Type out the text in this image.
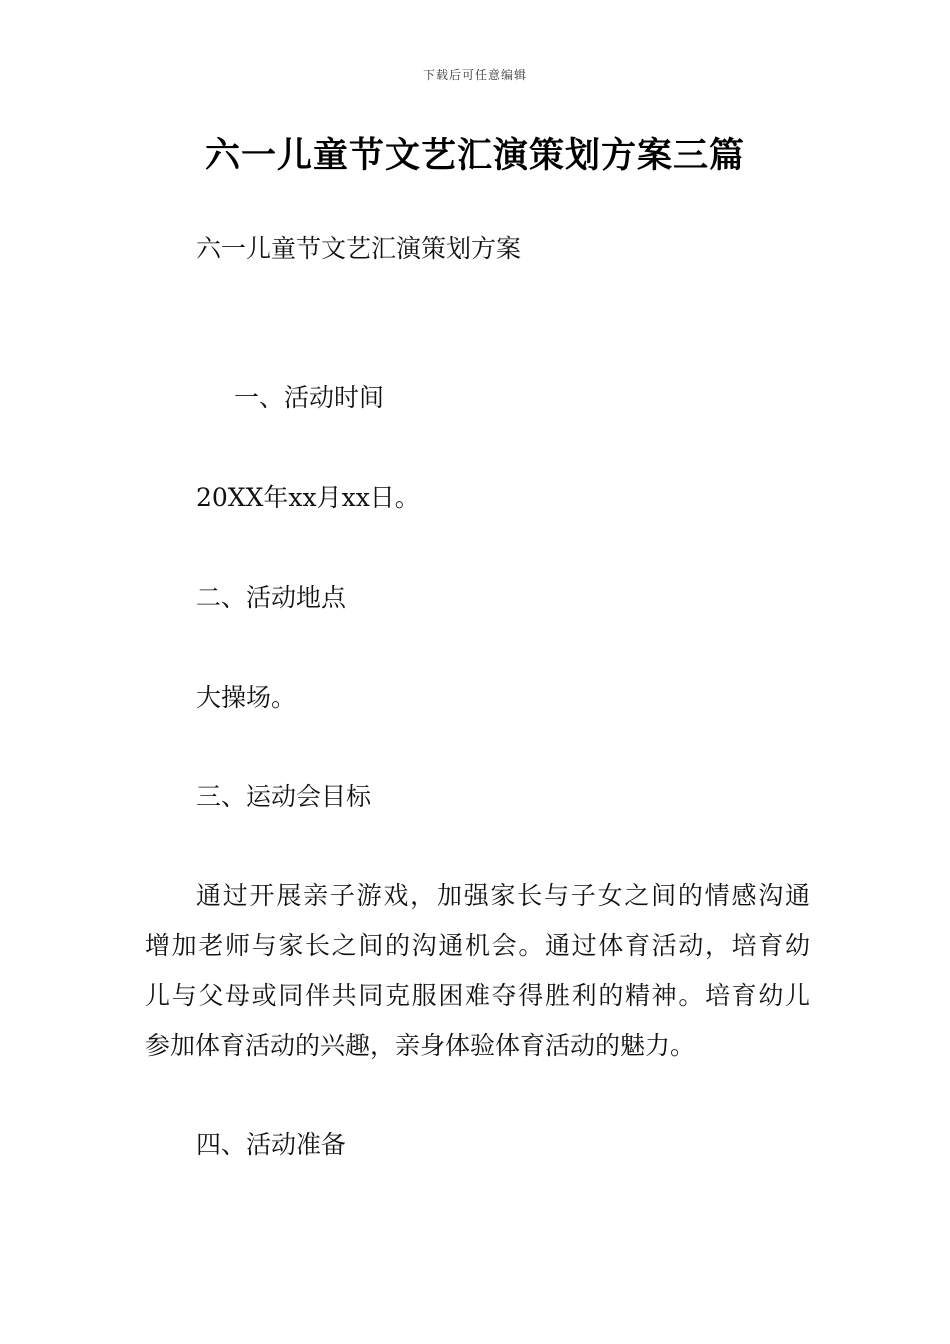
下载后可任意编辑
六一儿童节文艺汇演策划方案三篇
六一儿童节文艺汇演策划方案
一、活动时间
20XX年xx月xx日。
二、活动地点
大操场。
三、运动会目标
通过开展亲子游戏，加强家长与子女之间的情感沟通
增加老师与家长之间的沟通机会。通过体育活动，培育幼
儿与父母或同伴共同克服困难夺得胜利的精神。培育幼儿
参加体育活动的兴趣，亲身体验体育活动的魅力。
四、活动准备
